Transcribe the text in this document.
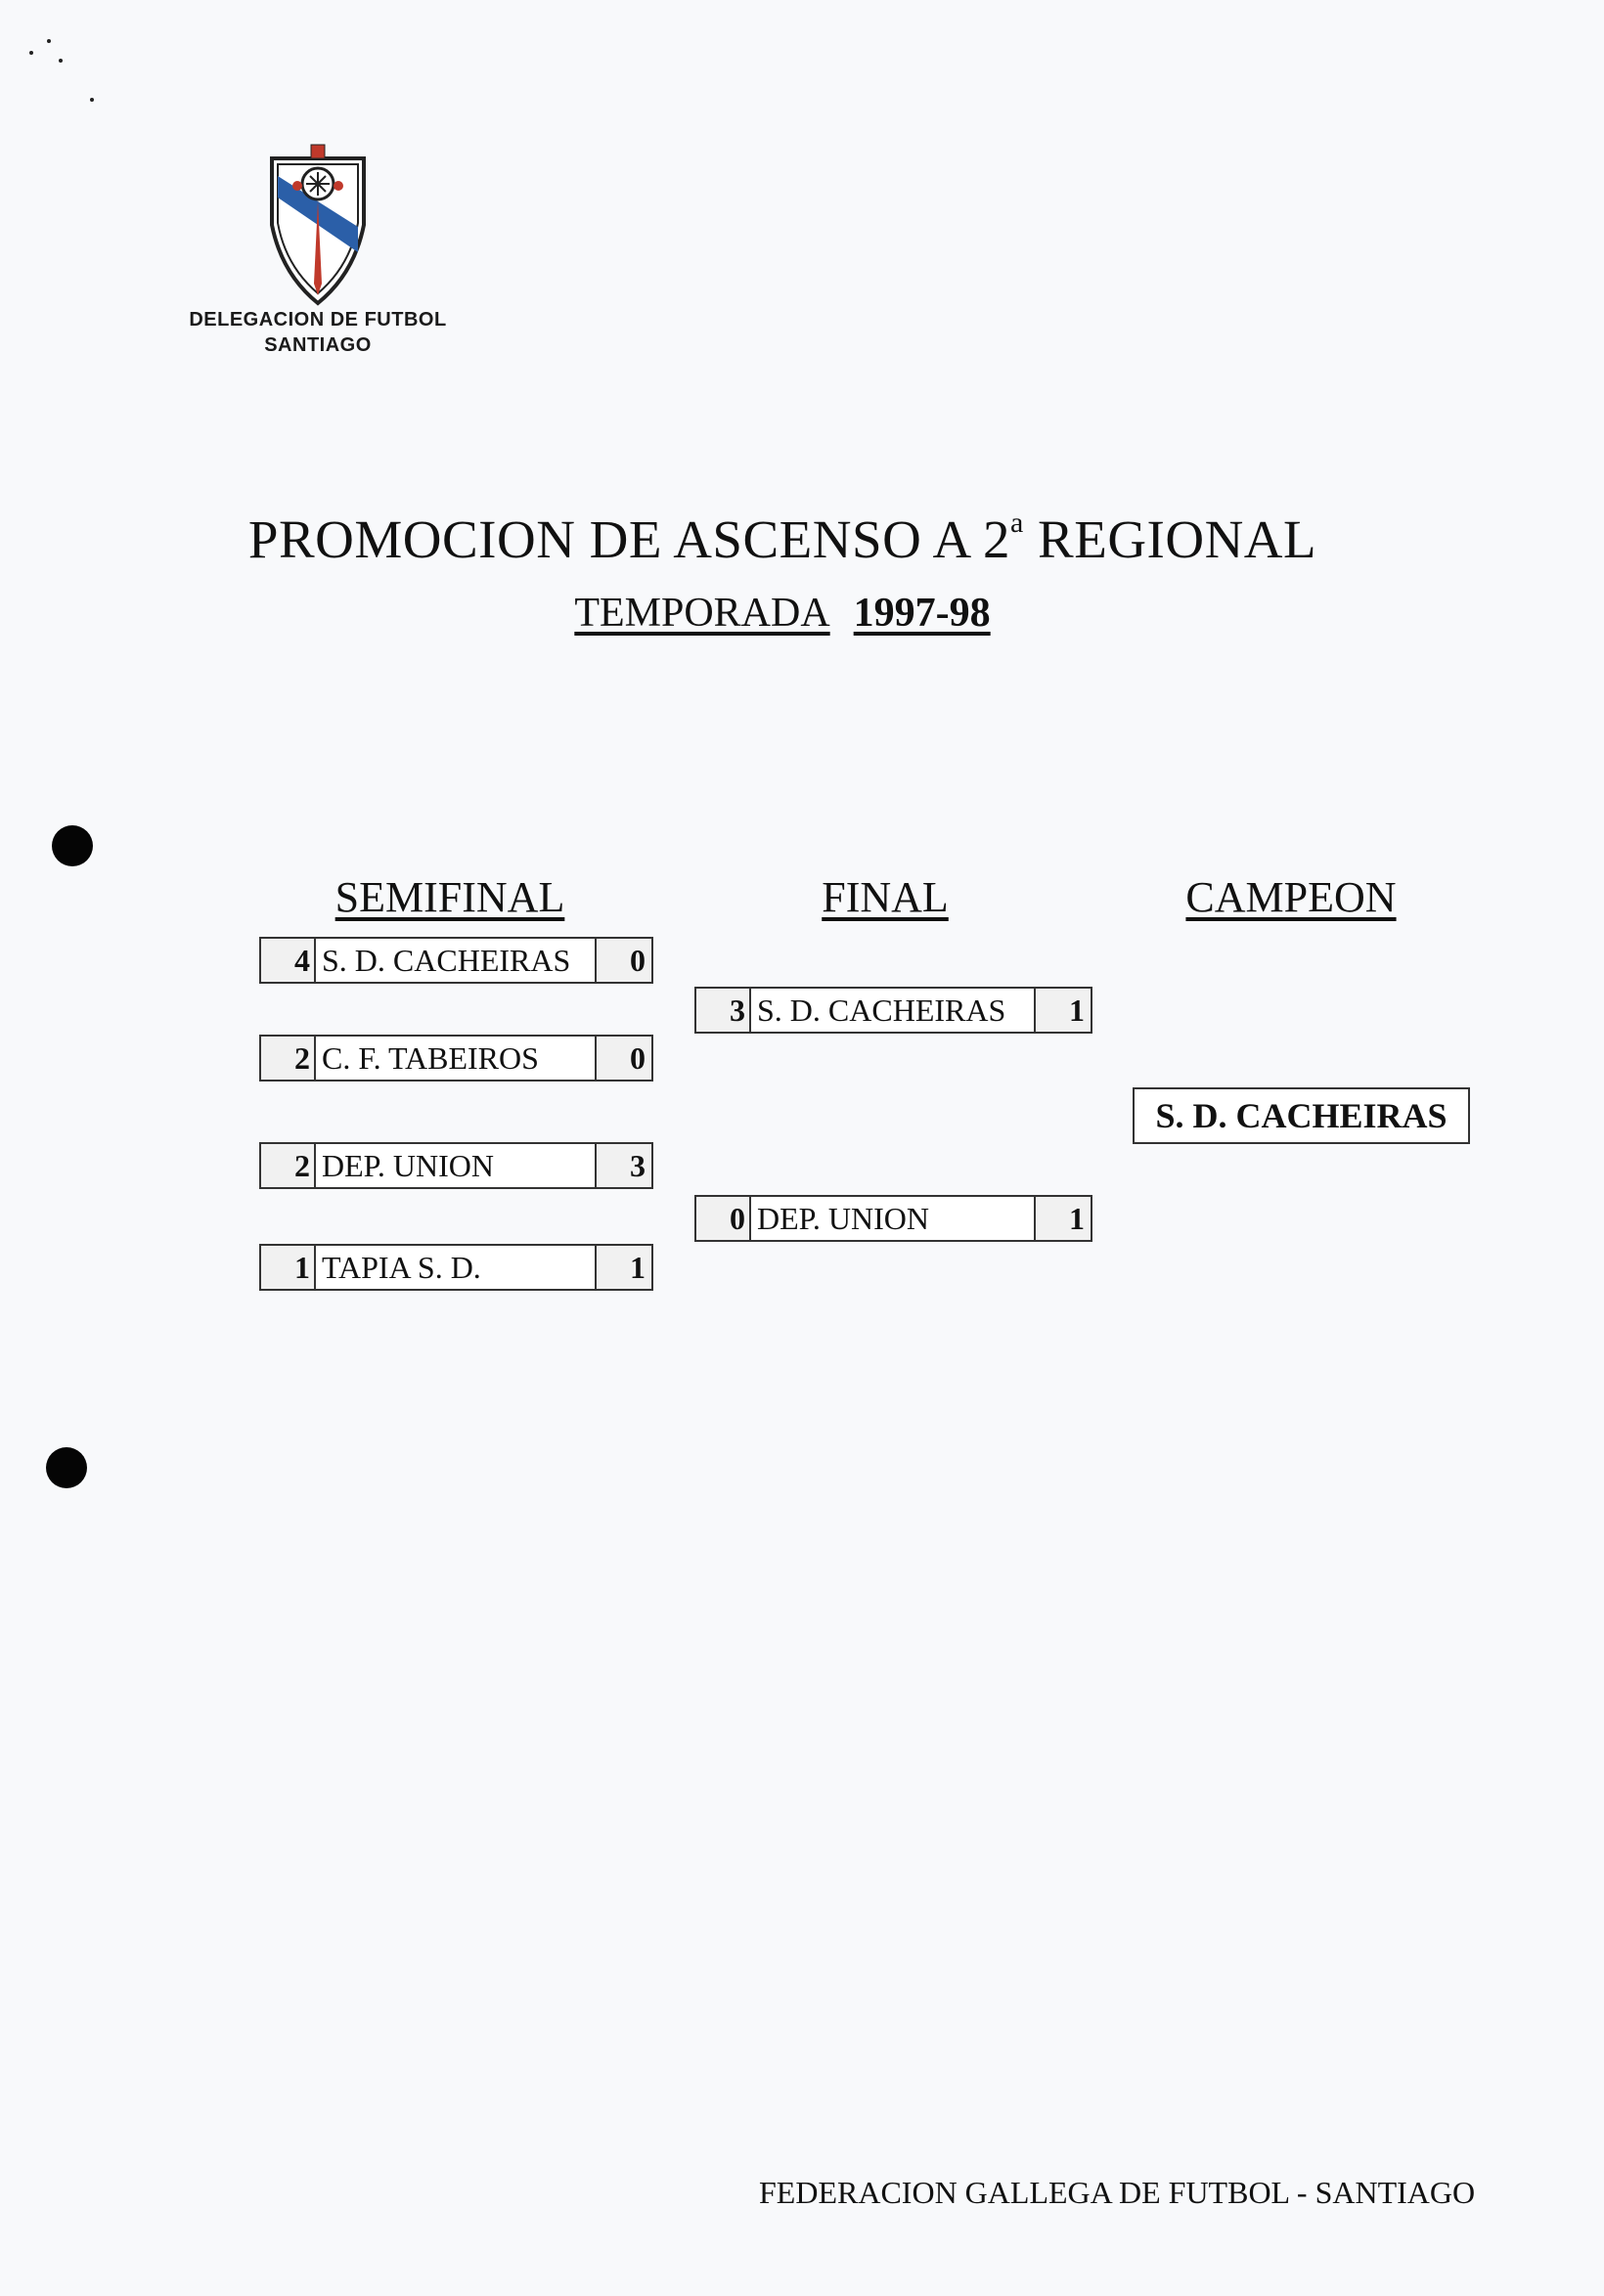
DELEGACION DE FUTBOL
SANTIAGO
PROMOCION DE ASCENSO A 2$^a$ REGIONAL
TEMPORADA 1997-98
SEMIFINAL	FINAL	CAMPEON
4 S. D. CACHEIRAS	0
2 C. F. TABEIROS	0
2 DEP. UNION	3
1 TAPIA S. D.	1
3 S. D. CACHEIRAS	1
0 DEP. UNION	1
S. D. CACHEIRAS
FEDERACION GALLEGA DE FUTBOL - SANTIAGO
